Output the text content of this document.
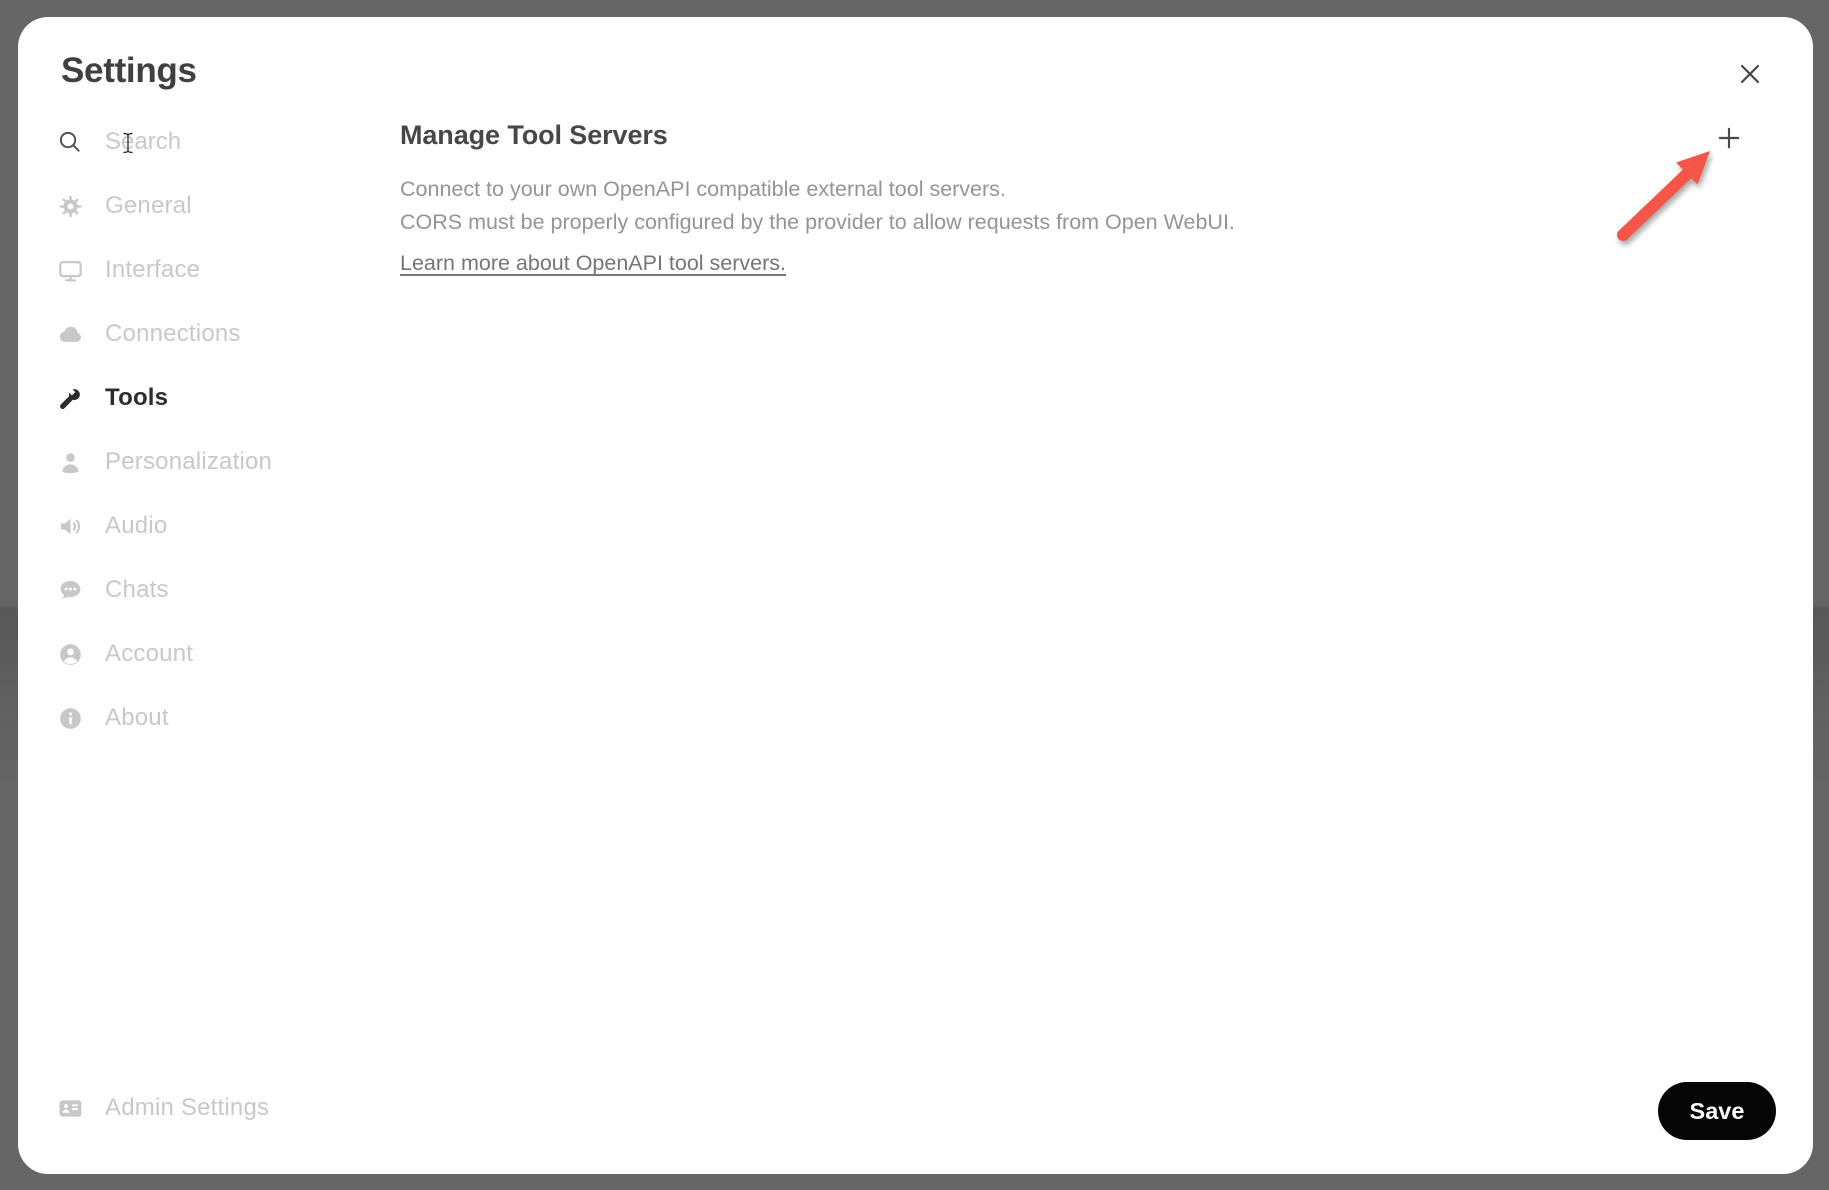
Settings
Search
General
Interface
Connections
Tools
Personalization
Audio
Chats
Account
About
Admin Settings
Manage Tool Servers
Connect to your own OpenAPI compatible external tool servers.
CORS must be properly configured by the provider to allow requests from Open WebUI.
Learn more about OpenAPI tool servers.
Save
